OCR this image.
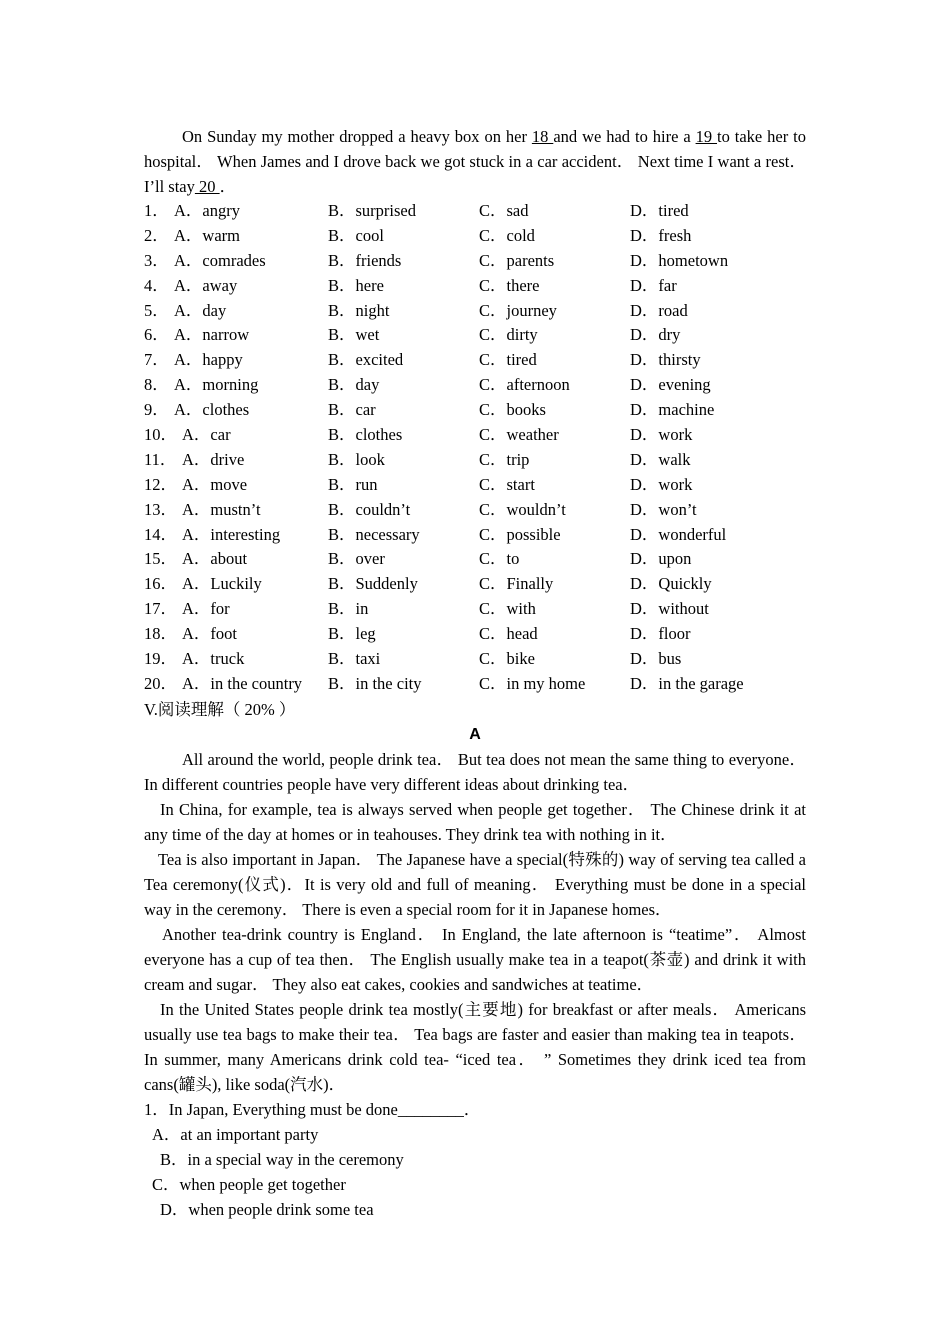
On Sunday my mother dropped a heavy box on her 18 and we had to hire a 19 to take her to hospital． When James and I drove back we got stuck in a car accident． Next time I want a rest． I’ll stay 20 ．

1． A．angry	B．surprised	C．sad	D．tired
2． A．warm	B．cool	C．cold	D．fresh
3． A．comrades	B．friends	C．parents	D．hometown
4． A．away	B．here	C．there	D．far
5． A．day	B．night	C．journey	D．road
6． A．narrow	B．wet	C．dirty	D．dry
7． A．happy	B．excited	C．tired	D．thirsty
8． A．morning	B．day	C．afternoon	D．evening
9． A．clothes	B．car	C．books	D．machine
10． A．car	B．clothes	C．weather	D．work
11． A．drive	B．look	C．trip	D．walk
12． A．move	B．run	C．start	D．work
13． A．mustn’t	B．couldn’t	C．wouldn’t	D．won’t
14． A．interesting	B．necessary	C．possible	D．wonderful
15． A．about	B．over	C．to	D．upon
16． A．Luckily	B．Suddenly	C．Finally	D．Quickly
17． A．for	B．in	C．with	D．without
18． A．foot	B．leg	C．head	D．floor
19． A．truck	B．taxi	C．bike	D．bus
20． A．in the country B．in the city	C．in my home	D．in the garage
V.阅读理解（ 20% ）
A

All around the world, people drink tea． But tea does not mean the same thing to everyone．In different countries people have very different ideas about drinking tea．

In China, for example, tea is always served when people get together． The Chinese drink it at any time of the day at homes or in teahouses. They drink tea with nothing in it．

Tea is also important in Japan． The Japanese have a special(特殊的) way of serving tea called a Tea ceremony(仪式)．It is very old and full of meaning． Everything must be done in a special way in the ceremony． There is even a special room for it in Japanese homes．

Another tea-drink country is England． In England, the late afternoon is “teatime”． Almost everyone has a cup of tea then． The English usually make tea in a teapot(茶壶) and drink it with cream and sugar． They also eat cakes, cookies and sandwiches at teatime．

In the United States people drink tea mostly(主要地) for breakfast or after meals． Americans usually use tea bags to make their tea． Tea bags are faster and easier than making tea in teapots．In summer, many Americans drink cold tea- “iced tea． ” Sometimes they drink iced tea from cans(罐头), like soda(汽水)．

1．In Japan, Everything must be done________．
A．at an important party
B．in a special way in the ceremony
C．when people get together
D．when people drink some tea
